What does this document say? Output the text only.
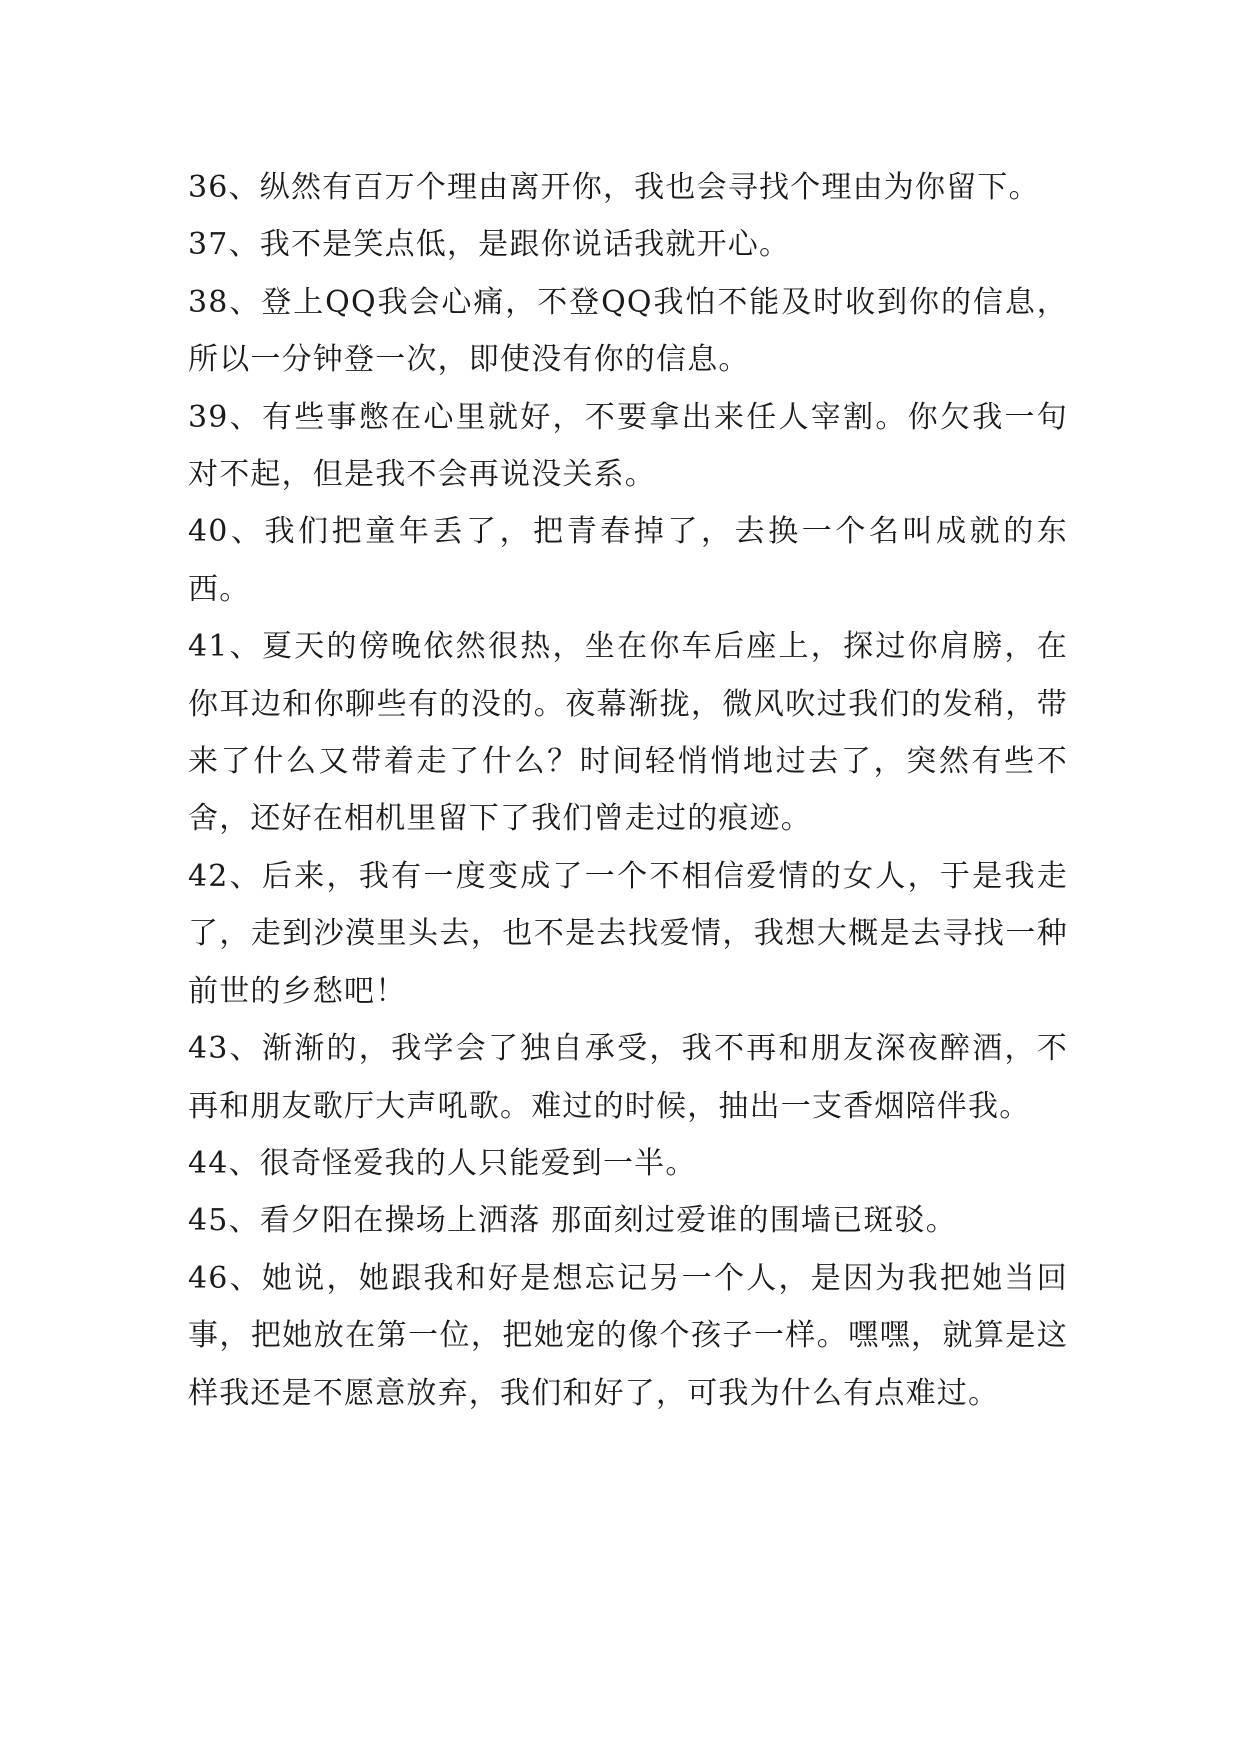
36、纵然有百万个理由离开你，我也会寻找个理由为你留下。

37、我不是笑点低，是跟你说话我就开心。

38、登上QQ我会心痛，不登QQ我怕不能及时收到你的信息，所以一分钟登一次，即使没有你的信息。

39、有些事憋在心里就好，不要拿出来任人宰割。你欠我一句对不起，但是我不会再说没关系。

40、我们把童年丢了，把青春掉了，去换一个名叫成就的东西。

41、夏天的傍晚依然很热，坐在你车后座上，探过你肩膀，在你耳边和你聊些有的没的。夜幕渐拢，微风吹过我们的发稍，带来了什么又带着走了什么？时间轻悄悄地过去了，突然有些不舍，还好在相机里留下了我们曾走过的痕迹。

42、后来，我有一度变成了一个不相信爱情的女人，于是我走了，走到沙漠里头去，也不是去找爱情，我想大概是去寻找一种前世的乡愁吧！

43、渐渐的，我学会了独自承受，我不再和朋友深夜醉酒，不再和朋友歌厅大声吼歌。难过的时候，抽出一支香烟陪伴我。

44、很奇怪爱我的人只能爱到一半。

45、看夕阳在操场上洒落 那面刻过爱谁的围墙已斑驳。

46、她说，她跟我和好是想忘记另一个人，是因为我把她当回事，把她放在第一位，把她宠的像个孩子一样。嘿嘿，就算是这样我还是不愿意放弃，我们和好了，可我为什么有点难过。
